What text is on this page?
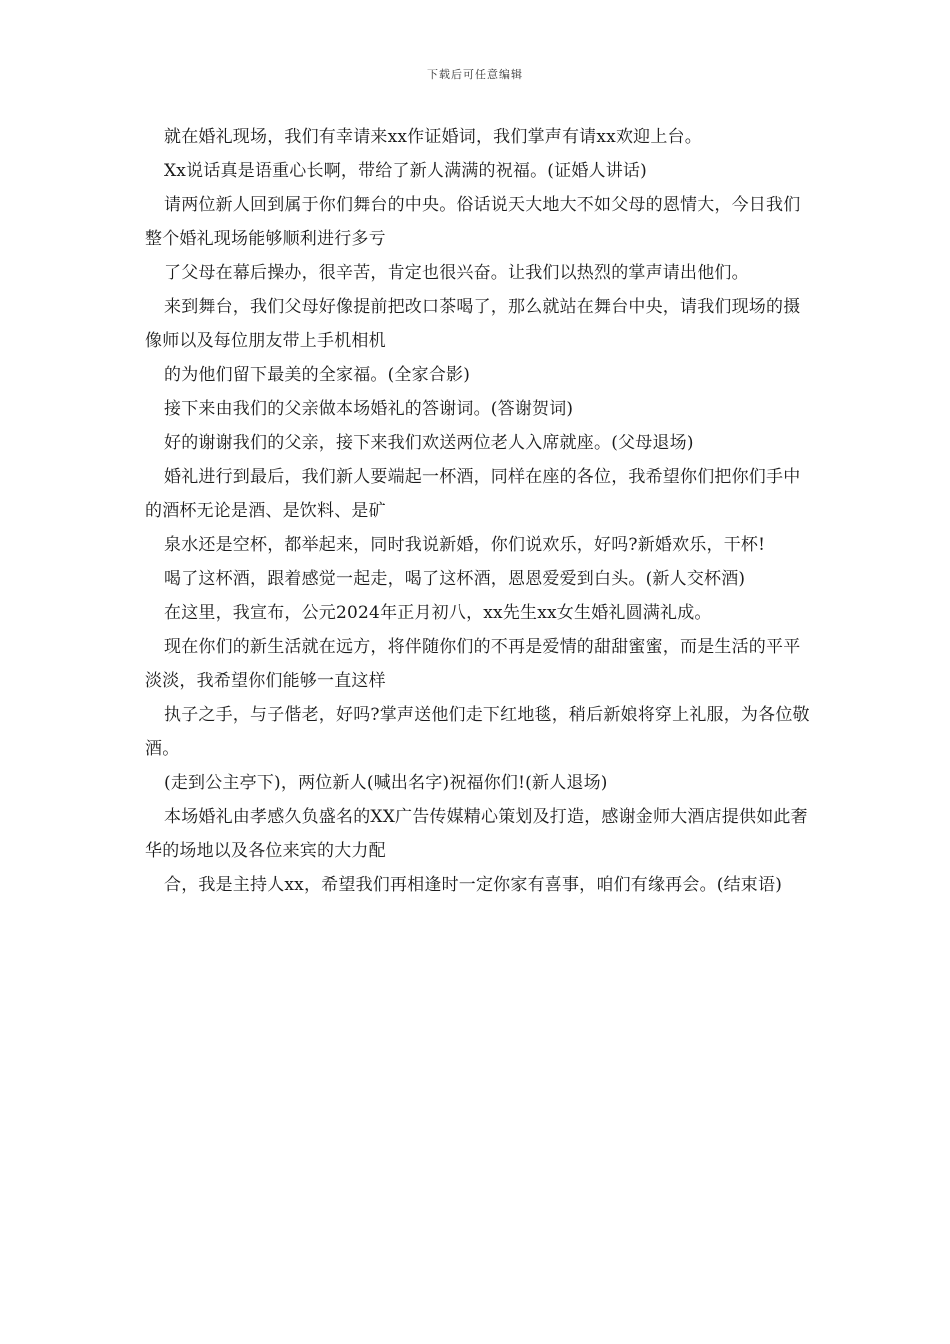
下载后可任意编辑

就在婚礼现场，我们有幸请来xx作证婚词，我们掌声有请xx欢迎上台。

Xx说话真是语重心长啊，带给了新人满满的祝福。(证婚人讲话)

请两位新人回到属于你们舞台的中央。俗话说天大地大不如父母的恩情大，今日我们整个婚礼现场能够顺利进行多亏

了父母在幕后操办，很辛苦，肯定也很兴奋。让我们以热烈的掌声请出他们。

来到舞台，我们父母好像提前把改口茶喝了，那么就站在舞台中央，请我们现场的摄像师以及每位朋友带上手机相机

的为他们留下最美的全家福。(全家合影)

接下来由我们的父亲做本场婚礼的答谢词。(答谢贺词)

好的谢谢我们的父亲，接下来我们欢送两位老人入席就座。(父母退场)

婚礼进行到最后，我们新人要端起一杯酒，同样在座的各位，我希望你们把你们手中的酒杯无论是酒、是饮料、是矿

泉水还是空杯，都举起来，同时我说新婚，你们说欢乐，好吗?新婚欢乐，干杯!

喝了这杯酒，跟着感觉一起走，喝了这杯酒，恩恩爱爱到白头。(新人交杯酒)

在这里，我宣布，公元2024年正月初八，xx先生xx女生婚礼圆满礼成。

现在你们的新生活就在远方，将伴随你们的不再是爱情的甜甜蜜蜜，而是生活的平平淡淡，我希望你们能够一直这样

执子之手，与子偕老，好吗?掌声送他们走下红地毯，稍后新娘将穿上礼服，为各位敬酒。

(走到公主亭下)，两位新人(喊出名字)祝福你们!(新人退场)

本场婚礼由孝感久负盛名的XX广告传媒精心策划及打造，感谢金师大酒店提供如此奢华的场地以及各位来宾的大力配

合，我是主持人xx，希望我们再相逢时一定你家有喜事，咱们有缘再会。(结束语)
